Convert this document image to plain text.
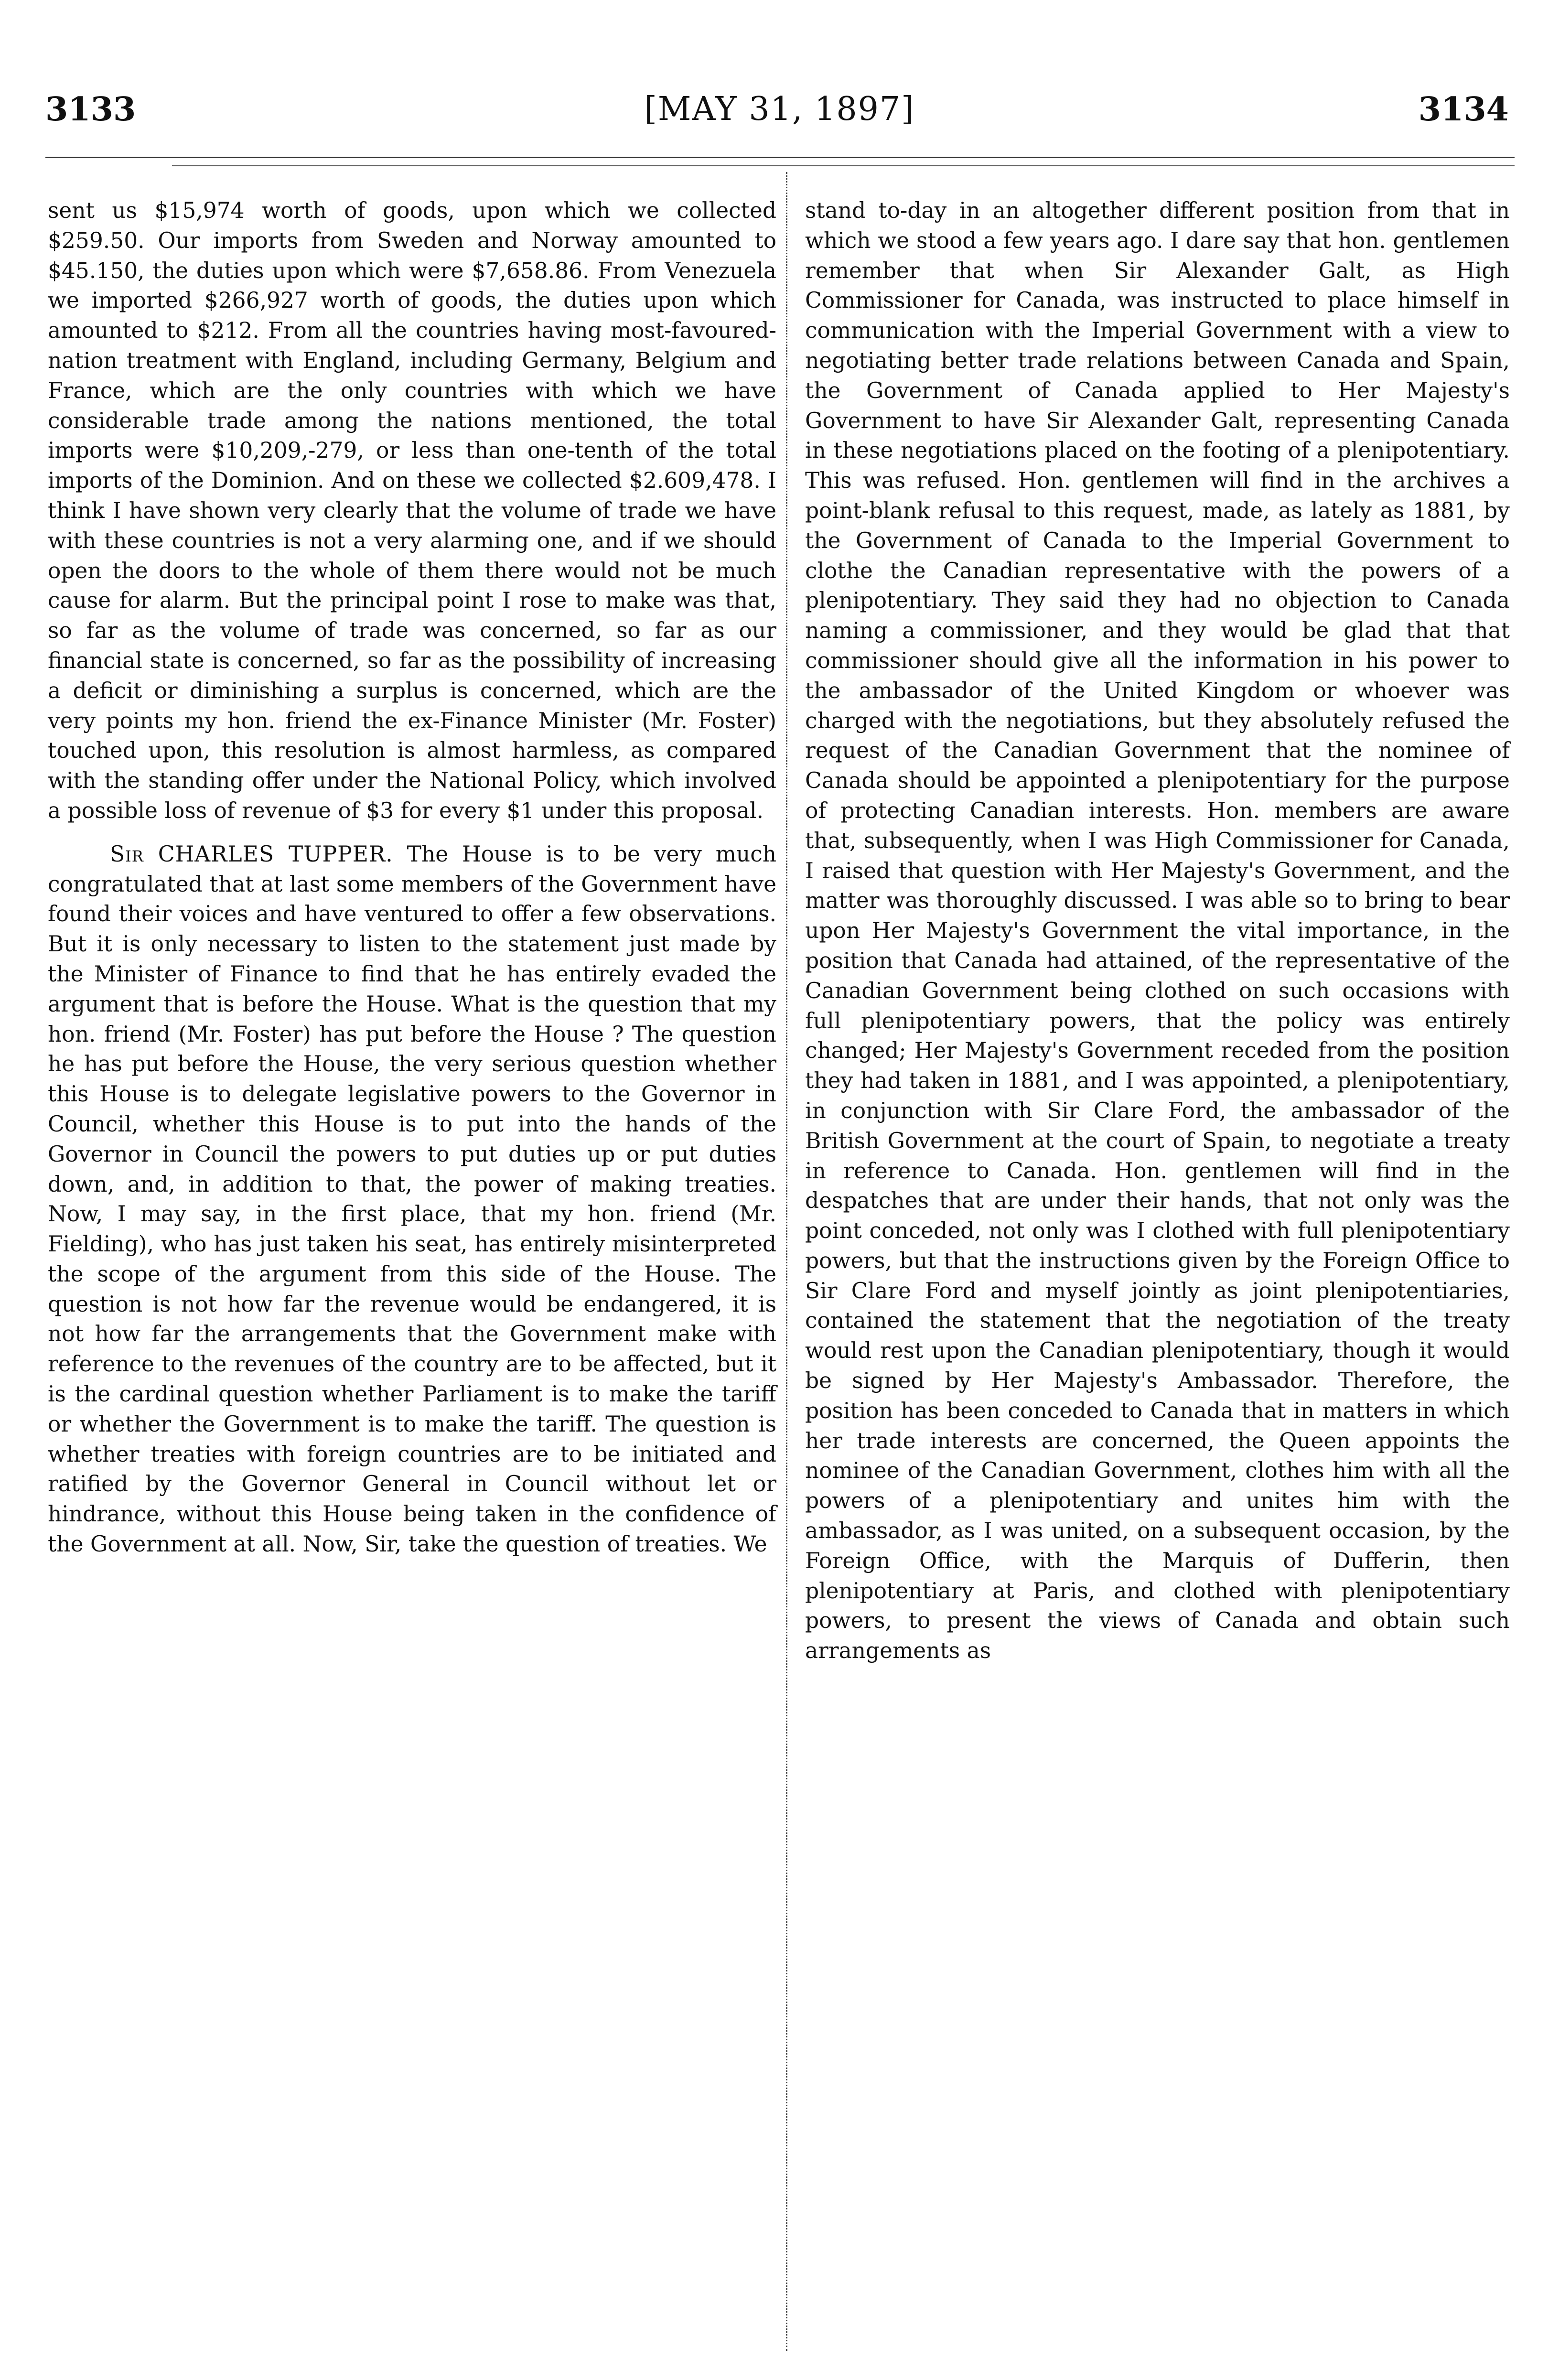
3133	[MAY 31, 1897]	3134

sent us $15,974 worth of goods, upon which we collected $259.50. Our imports from Sweden and Norway amounted to $45.150, the duties upon which were $7,658.86. From Venezuela we imported $266,927 worth of goods, the duties upon which amounted to $212. From all the countries having most-favoured-nation treatment with England, including Germany, Belgium and France, which are the only countries with which we have considerable trade among the nations mentioned, the total imports were $10,209,-279, or less than one-tenth of the total imports of the Dominion. And on these we collected $2.609,478. I think I have shown very clearly that the volume of trade we have with these countries is not a very alarming one, and if we should open the doors to the whole of them there would not be much cause for alarm. But the principal point I rose to make was that, so far as the volume of trade was concerned, so far as our financial state is concerned, so far as the possibility of increasing a deficit or diminishing a surplus is concerned, which are the very points my hon. friend the ex-Finance Minister (Mr. Foster) touched upon, this resolution is almost harmless, as compared with the standing offer under the National Policy, which involved a possible loss of revenue of $3 for every $1 under this proposal.

Sir CHARLES TUPPER. The House is to be very much congratulated that at last some members of the Government have found their voices and have ventured to offer a few observations. But it is only necessary to listen to the statement just made by the Minister of Finance to find that he has entirely evaded the argument that is before the House. What is the question that my hon. friend (Mr. Foster) has put before the House ? The question he has put before the House, the very serious question whether this House is to delegate legislative powers to the Governor in Council, whether this House is to put into the hands of the Governor in Council the powers to put duties up or put duties down, and, in addition to that, the power of making treaties. Now, I may say, in the first place, that my hon. friend (Mr. Fielding), who has just taken his seat, has entirely misinterpreted the scope of the argument from this side of the House. The question is not how far the revenue would be endangered, it is not how far the arrangements that the Government make with reference to the revenues of the country are to be affected, but it is the cardinal question whether Parliament is to make the tariff or whether the Government is to make the tariff. The question is whether treaties with foreign countries are to be initiated and ratified by the Governor General in Council without let or hindrance, without this House being taken in the confidence of the Government at all. Now, Sir, take the question of treaties. We

stand to-day in an altogether different position from that in which we stood a few years ago. I dare say that hon. gentlemen remember that when Sir Alexander Galt, as High Commissioner for Canada, was instructed to place himself in communication with the Imperial Government with a view to negotiating better trade relations between Canada and Spain, the Government of Canada applied to Her Majesty's Government to have Sir Alexander Galt, representing Canada in these negotiations placed on the footing of a plenipotentiary. This was refused. Hon. gentlemen will find in the archives a point-blank refusal to this request, made, as lately as 1881, by the Government of Canada to the Imperial Government to clothe the Canadian representative with the powers of a plenipotentiary. They said they had no objection to Canada naming a commissioner, and they would be glad that that commissioner should give all the information in his power to the ambassador of the United Kingdom or whoever was charged with the negotiations, but they absolutely refused the request of the Canadian Government that the nominee of Canada should be appointed a plenipotentiary for the purpose of protecting Canadian interests. Hon. members are aware that, subsequently, when I was High Commissioner for Canada, I raised that question with Her Majesty's Government, and the matter was thoroughly discussed. I was able so to bring to bear upon Her Majesty's Government the vital importance, in the position that Canada had attained, of the representative of the Canadian Government being clothed on such occasions with full plenipotentiary powers, that the policy was entirely changed; Her Majesty's Government receded from the position they had taken in 1881, and I was appointed, a plenipotentiary, in conjunction with Sir Clare Ford, the ambassador of the British Government at the court of Spain, to negotiate a treaty in reference to Canada. Hon. gentlemen will find in the despatches that are under their hands, that not only was the point conceded, not only was I clothed with full plenipotentiary powers, but that the instructions given by the Foreign Office to Sir Clare Ford and myself jointly as joint plenipotentiaries, contained the statement that the negotiation of the treaty would rest upon the Canadian plenipotentiary, though it would be signed by Her Majesty's Ambassador. Therefore, the position has been conceded to Canada that in matters in which her trade interests are concerned, the Queen appoints the nominee of the Canadian Government, clothes him with all the powers of a plenipotentiary and unites him with the ambassador, as I was united, on a subsequent occasion, by the Foreign Office, with the Marquis of Dufferin, then plenipotentiary at Paris, and clothed with plenipotentiary powers, to present the views of Canada and obtain such arrangements as
